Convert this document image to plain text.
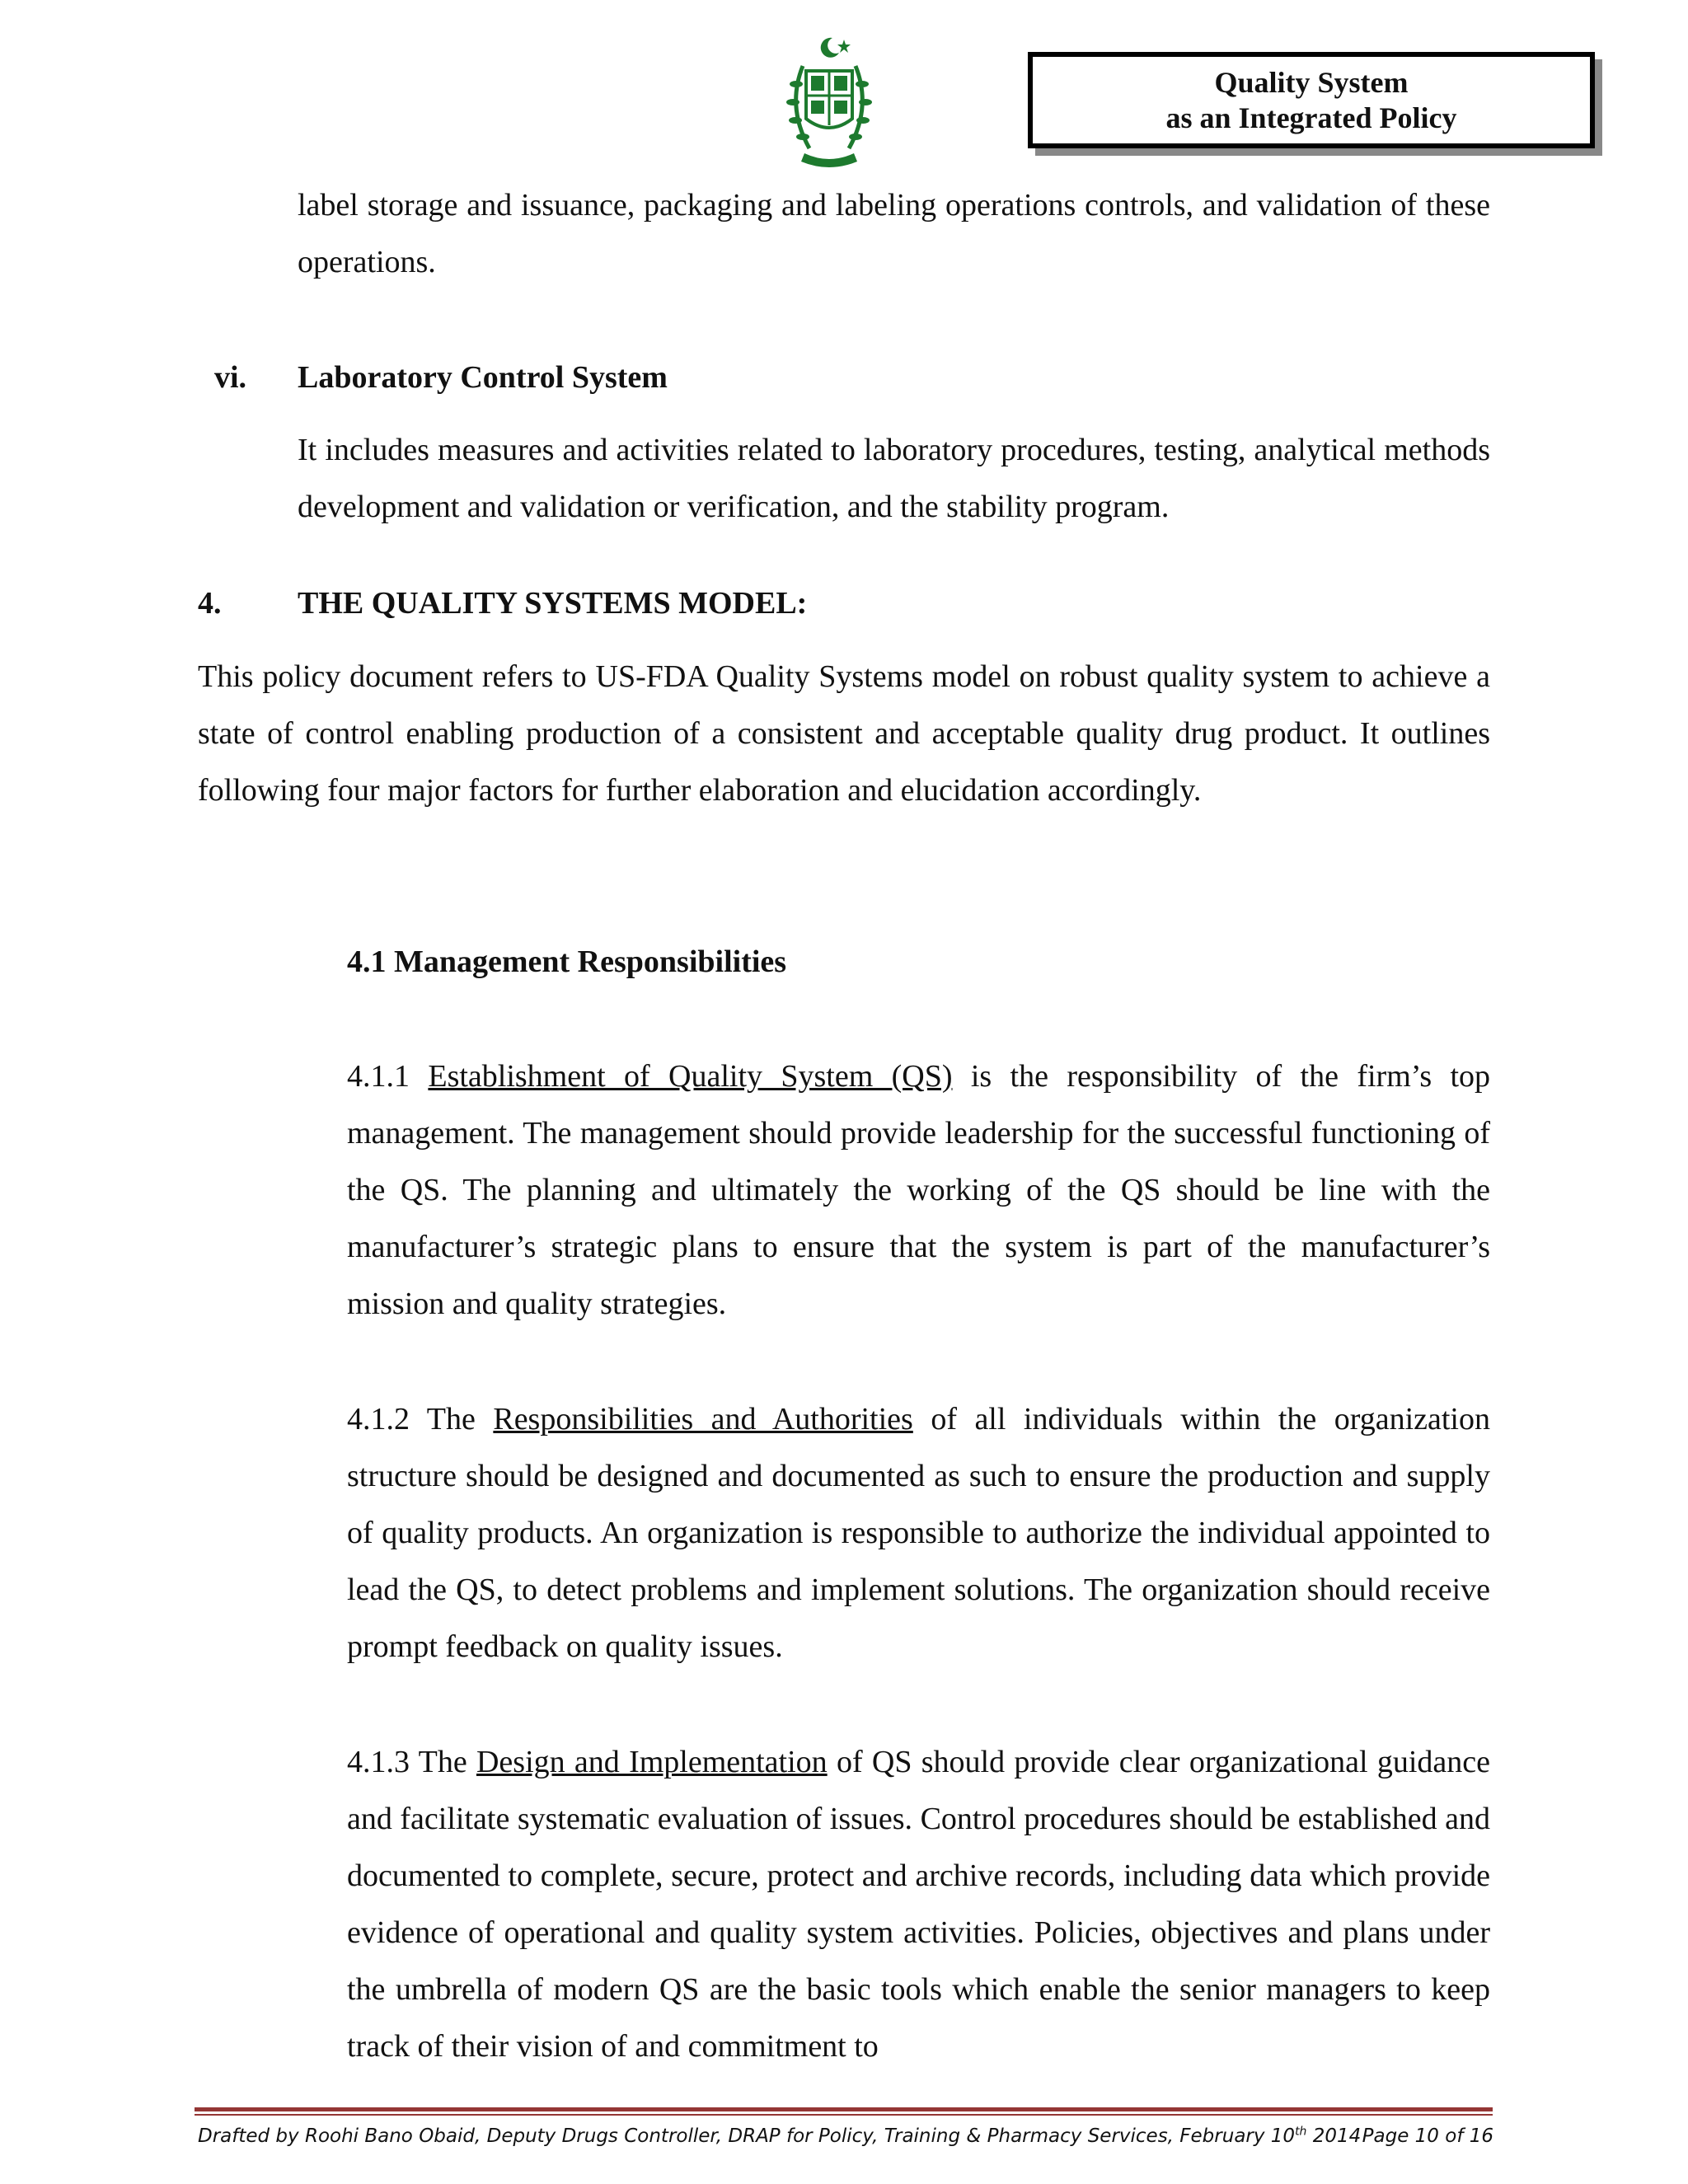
Quality System
as an Integrated Policy

label storage and issuance, packaging and labeling operations controls, and validation of these operations.

vi. Laboratory Control System

It includes measures and activities related to laboratory procedures, testing, analytical methods development and validation or verification, and the stability program.

4. THE QUALITY SYSTEMS MODEL:

This policy document refers to US-FDA Quality Systems model on robust quality system to achieve a state of control enabling production of a consistent and acceptable quality drug product. It outlines following four major factors for further elaboration and elucidation accordingly.

4.1 Management Responsibilities

4.1.1 Establishment of Quality System (QS) is the responsibility of the firm’s top management. The management should provide leadership for the successful functioning of the QS. The planning and ultimately the working of the QS should be line with the manufacturer’s strategic plans to ensure that the system is part of the manufacturer’s mission and quality strategies.

4.1.2 The Responsibilities and Authorities of all individuals within the organization structure should be designed and documented as such to ensure the production and supply of quality products. An organization is responsible to authorize the individual appointed to lead the QS, to detect problems and implement solutions. The organization should receive prompt feedback on quality issues.

4.1.3 The Design and Implementation of QS should provide clear organizational guidance and facilitate systematic evaluation of issues. Control procedures should be established and documented to complete, secure, protect and archive records, including data which provide evidence of operational and quality system activities. Policies, objectives and plans under the umbrella of modern QS are the basic tools which enable the senior managers to keep track of their vision of and commitment to

Drafted by Roohi Bano Obaid, Deputy Drugs Controller, DRAP for Policy, Training & Pharmacy Services, February 10th 2014 Page 10 of 16
